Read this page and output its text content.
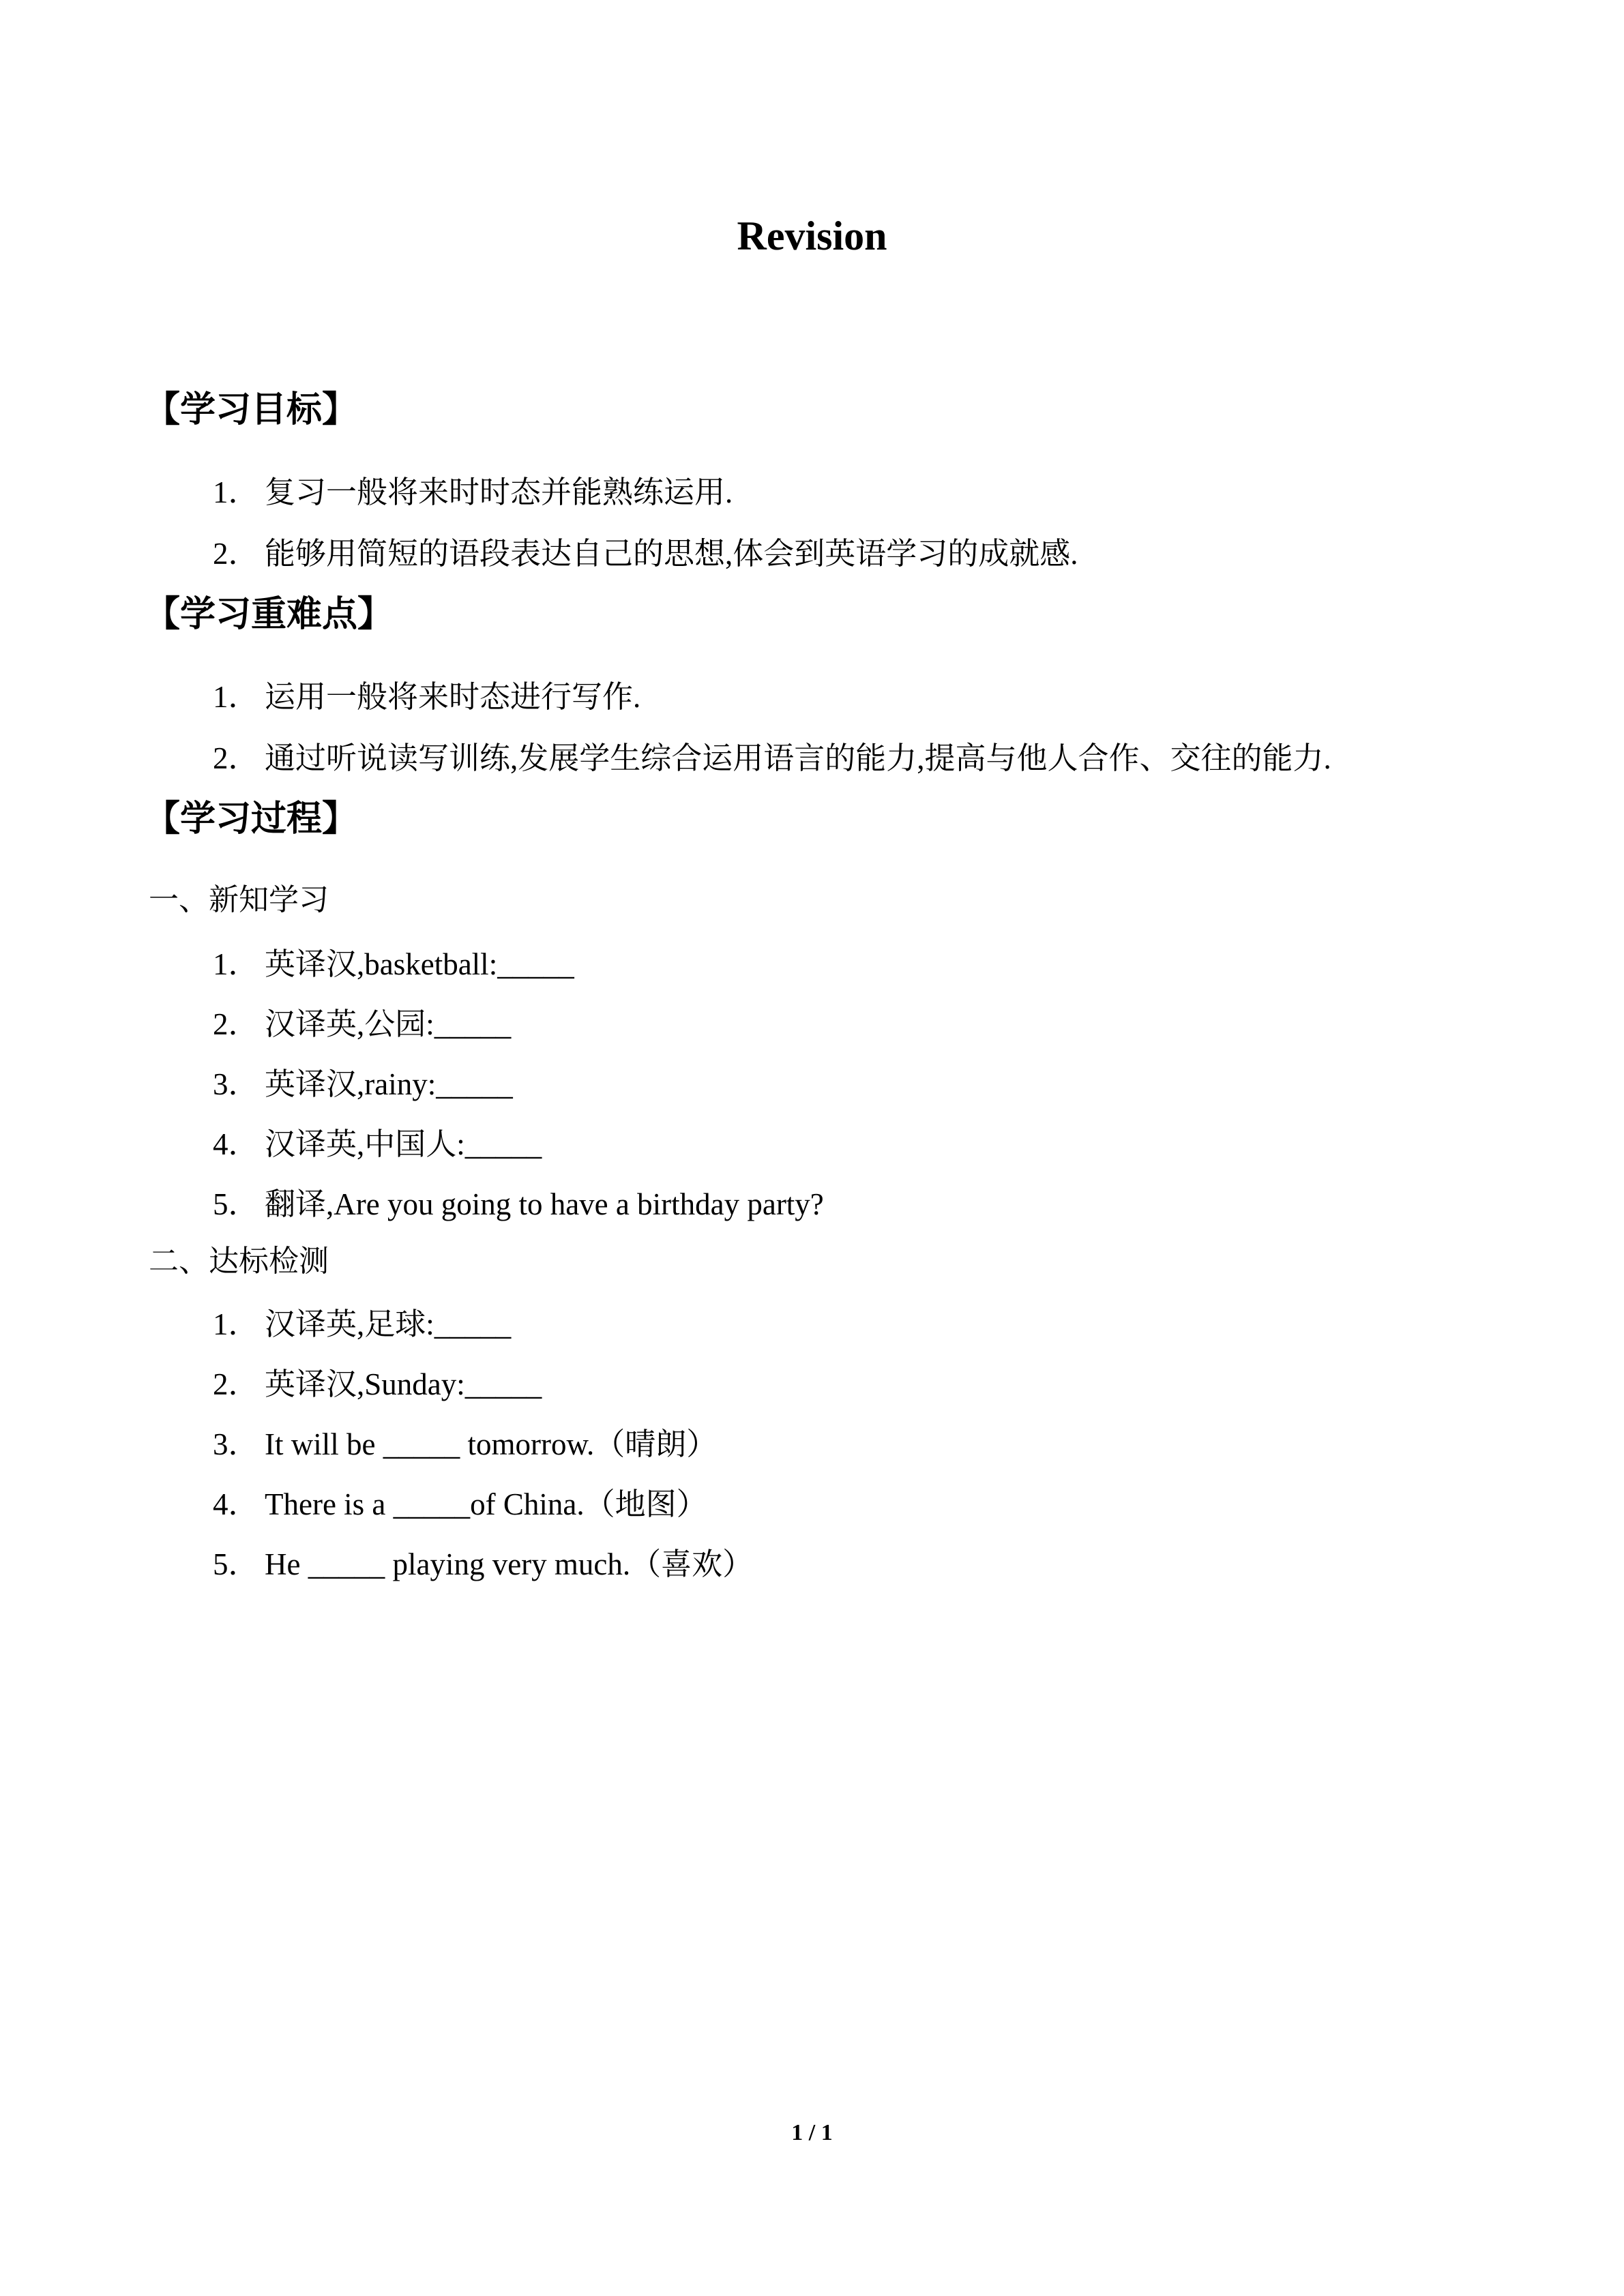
Revision
【学习目标】
1． 复习一般将来时时态并能熟练运用.
2． 能够用简短的语段表达自己的思想,体会到英语学习的成就感.
【学习重难点】
1． 运用一般将来时态进行写作.
2． 通过听说读写训练,发展学生综合运用语言的能力,提高与他人合作、交往的能力.
【学习过程】
一、新知学习
1． 英译汉,basketball:_____
2． 汉译英,公园:_____
3． 英译汉,rainy:_____
4． 汉译英,中国人:_____
5． 翻译,Are you going to have a birthday party?
二、达标检测
1． 汉译英,足球:_____
2． 英译汉,Sunday:_____
3． It will be _____ tomorrow.（晴朗）
4． There is a _____of China.（地图）
5． He _____ playing very much.（喜欢）
1 / 1
